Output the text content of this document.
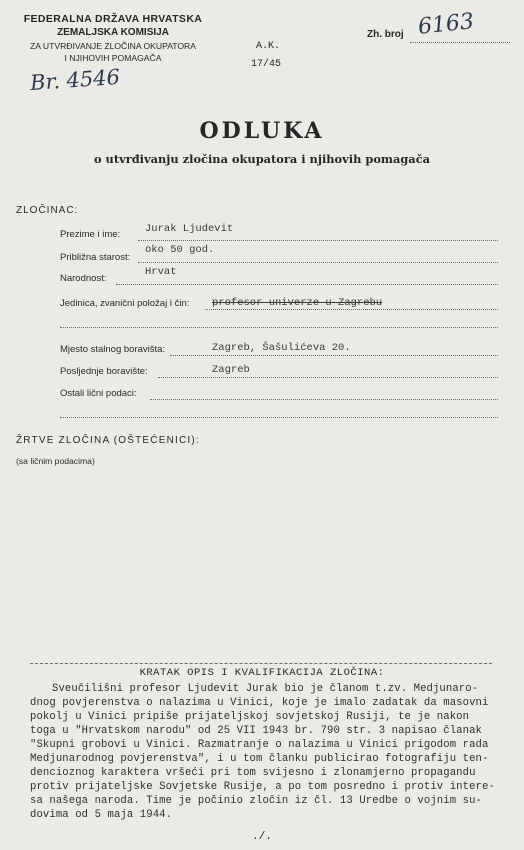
FEDERALNA DRŽAVA HRVATSKA
ZEMALJSKA KOMISIJA
ZA UTVRĐIVANJE ZLOČINA OKUPATORA
I NJIHOVIH POMAGAČA
Br. 4546
A.K.
17/45
Zh. broj 6163
ODLUKA
o utvrđivanju zločina okupatora i njihovih pomagača
ZLOČINAC:
Prezime i ime: Jurak Ljudevit
Približna starost:
oko 50 god.
Narodnost:
Hrvat
Jedinica, zvanični položaj i čin: profesor univerze u Zagrebu
Mjesto stalnog boravišta:	Zagreb, Šašulićeva 20.
Posljednje boravište:	Zagreb
Ostali lični podaci:
ŽRTVE ZLOČINA (OŠTEĆENICI):
(sa ličnim podacima)
KRATAK OPIS I KVALIFIKACIJA ZLOČINA:
Sveučilišni profesor Ljudevit Jurak bio je članom t.zv. Medjunaro-
dnog povjerenstva o nalazima u Vinici, koje je imalo zadatak da masovni
pokolj u Vinici pripiše prijateljskoj sovjetskoj Rusiji, te je nakon
toga u "Hrvatskom narodu" od 25 VII 1943 br. 790 str. 3 napisao članak
"Skupni grobovi u Vinici. Razmatranje o nalazima u Vinici prigodom rada
Medjunarodnog povjerenstva", i u tom članku publicirao fotografiju ten-
dencioznog karaktera vršeći pri tom svijesno i zlonamjerno propagandu
protiv prijateljske Sovjetske Rusije, a po tom posredno i protiv intere-
sa našega naroda. Time je počinio zločin iz čl. 13 Uredbe o vojnim su-
dovima od 5 maja 1944.
./.
